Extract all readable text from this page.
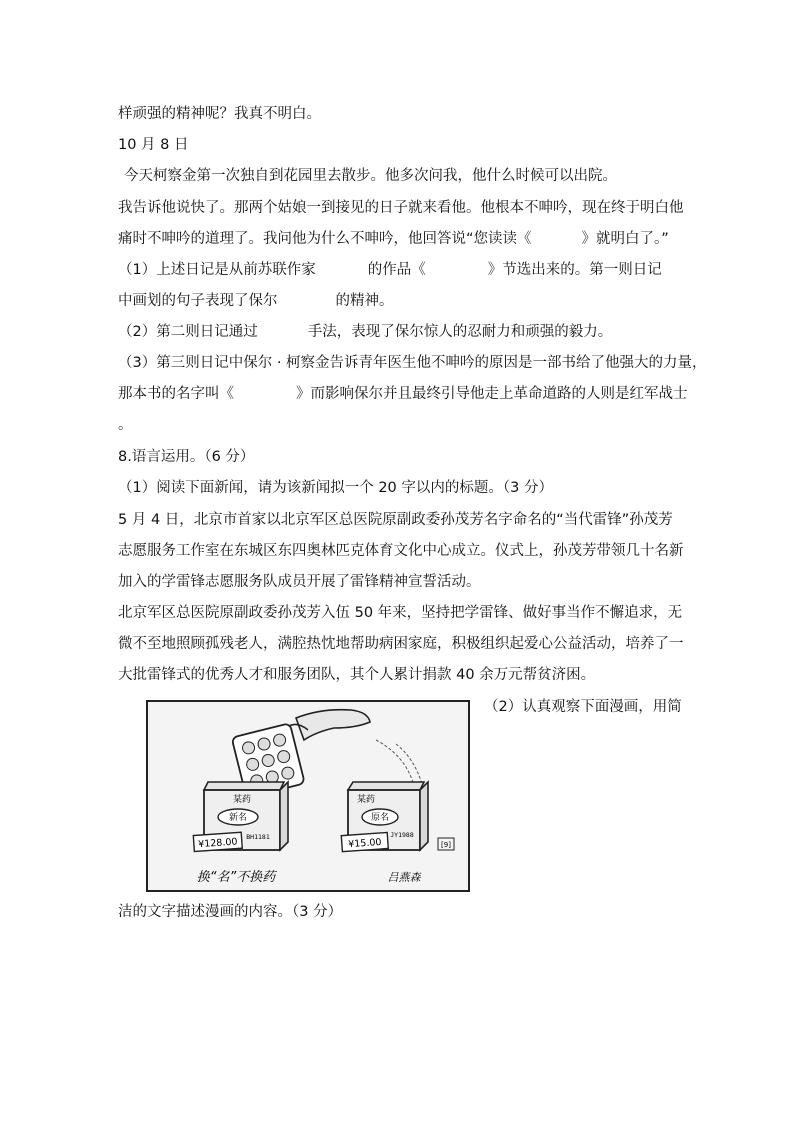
样顽强的精神呢？我真不明白。
10 月 8 日
今天柯察金第一次独自到花园里去散步。他多次问我，他什么时候可以出院。
我告诉他说快了。那两个姑娘一到接见的日子就来看他。他根本不呻吟，现在终于明白他
痛时不呻吟的道理了。我问他为什么不呻吟，他回答说“您读读《	》就明白了。”
（1）上述日记是从前苏联作家	的作品《	》节选出来的。第一则日记
中画划的句子表现了保尔	的精神。
（2）第二则日记通过	手法，表现了保尔惊人的忍耐力和顽强的毅力。
（3）第三则日记中保尔 · 柯察金告诉青年医生他不呻吟的原因是一部书给了他强大的力量，
那本书的名字叫《	》而影响保尔并且最终引导他走上革命道路的人则是红军战士
。
8.语言运用。（6 分）
（1）阅读下面新闻，请为该新闻拟一个 20 字以内的标题。（3 分）
5 月 4 日，北京市首家以北京军区总医院原副政委孙茂芳名字命名的“当代雷锋”孙茂芳
志愿服务工作室在东城区东四奥林匹克体育文化中心成立。仪式上，孙茂芳带领几十名新
加入的学雷锋志愿服务队成员开展了雷锋精神宣誓活动。
北京军区总医院原副政委孙茂芳入伍 50 年来，坚持把学雷锋、做好事当作不懈追求，无
微不至地照顾孤残老人，满腔热忱地帮助病困家庭，积极组织起爱心公益活动，培养了一
大批雷锋式的优秀人才和服务团队，其个人累计捐款 40 余万元帮贫济困。
（2）认真观察下面漫画，用简
洁的文字描述漫画的内容。（3 分）
某药
新名
BH1181
¥128.00
某药
原名
JY1988
¥15.00	[9]
换“名”不换药	吕燕森
